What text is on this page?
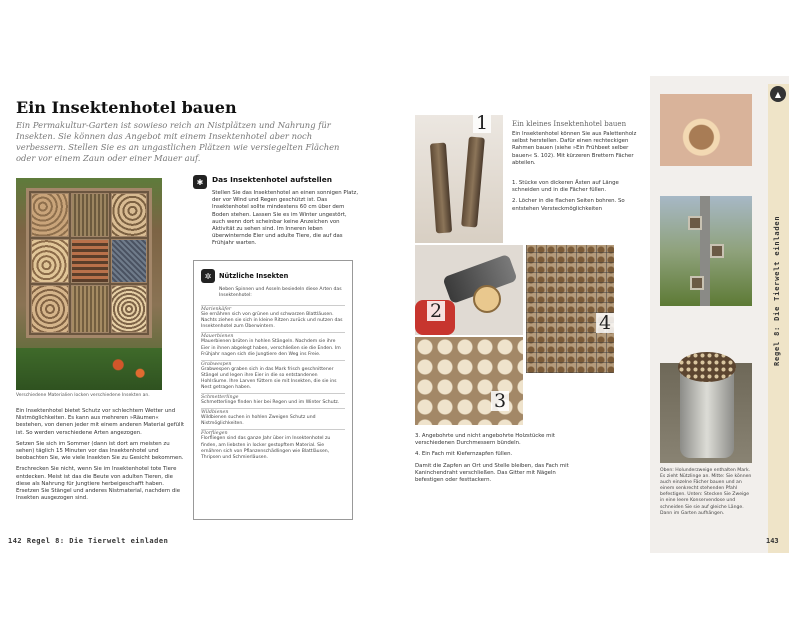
Ein Insektenhotel bauen
Ein Permakultur-Garten ist sowieso reich an Nistplätzen und Nahrung für Insekten. Sie können das Angebot mit einem Insektenhotel aber noch verbessern. Stellen Sie es an ungastlichen Plätzen wie versiegelten Flächen oder vor einem Zaun oder einer Mauer auf.
Verschiedene Materialien locken verschiedene Insekten an.

Ein Insektenhotel bietet Schutz vor schlechtem Wetter und Nistmöglichkeiten. Es kann aus mehreren »Räumen« bestehen, von denen jeder mit einem anderen Material gefüllt ist. So werden verschiedene Arten angezogen.

Setzen Sie sich im Sommer (dann ist dort am meisten zu sehen) täglich 15 Minuten vor das Insektenhotel und beobachten Sie, wie viele Insekten Sie zu Gesicht bekommen.

Erschrecken Sie nicht, wenn Sie im Insektenhotel tote Tiere entdecken. Meist ist das die Beute von adulten Tieren, die diese als Nahrung für Jungtiere herbeigeschafft haben. Ersetzen Sie Stängel und anderes Nistmaterial, nachdem die Insekten ausgezogen sind.

✱	Das Insektenhotel aufstellen
Stellen Sie das Insektenhotel an einen sonnigen Platz, der vor Wind und Regen geschützt ist. Das Insektenhotel sollte mindestens 60 cm über dem Boden stehen. Lassen Sie es im Winter ungestört, auch wenn dort scheinbar keine Anzeichen von Aktivität zu sehen sind. Im Inneren leben überwinternde Eier und adulte Tiere, die auf das Frühjahr warten.
✲	Nützliche Insekten
Neben Spinnen und Asseln besiedeln diese Arten das Insektenhotel:
Marienkäfer
Sie ernähren sich von grünen und schwarzen Blattläusen. Nachts ziehen sie sich in kleine Ritzen zurück und nutzen das Insektenhotel zum Überwintern.
Mauerbienen
Mauerbienen brüten in hohlen Stängeln. Nachdem sie ihre Eier in ihnen abgelegt haben, verschließen sie die Enden. Im Frühjahr nagen sich die Jungtiere den Weg ins Freie.
Grabwespen
Grabwespen graben sich in das Mark frisch geschnittener Stängel und legen ihre Eier in die so entstandenen Hohlräume. Ihre Larven füttern sie mit Insekten, die sie ins Nest getragen haben.
Schmetterlinge
Schmetterlinge finden hier bei Regen und im Winter Schutz.
Wildbienen
Wildbienen suchen in hohlen Zweigen Schutz und Nistmöglichkeiten.
Florfliegen
Florfliegen sind das ganze Jahr über im Insektenhotel zu finden, am liebsten in locker gestopftem Material. Sie ernähren sich von Pflanzenschädlingen wie Blattläusen, Thripsen und Schmierläusen.
142 Regel 8: Die Tierwelt einladen
1
2
3
4
Ein kleines Insektenhotel bauen
Ein Insektenhotel können Sie aus Palettenholz selbst herstellen. Dafür einen rechteckigen Rahmen bauen (siehe »Ein Frühbeet selber bauen« S. 102). Mit kürzeren Brettern Fächer abteilen.

1. Stücke von dickeren Ästen auf Länge schneiden und in die Fächer füllen.

2. Löcher in die flachen Seiten bohren. So entstehen Versteckmöglichkeiten

3. Angebohrte und nicht angebohrte Holzstücke mit verschiedenen Durchmessern bündeln.

4. Ein Fach mit Kiefernzapfen füllen.

Damit die Zapfen an Ort und Stelle bleiben, das Fach mit Kaninchendraht verschließen. Das Gitter mit Nägeln befestigen oder festtackern.

Oben: Holunderzweige enthalten Mark. Es zieht Nützlinge an. Mitte: Sie können auch einzelne Fächer bauen und an einem senkrecht stehenden Pfahl befestigen. Unten: Stecken Sie Zweige in eine leere Konservendose und schneiden Sie sie auf gleiche Länge. Dann im Garten aufhängen.
▲
Regel 8: Die Tierwelt einladen
143
